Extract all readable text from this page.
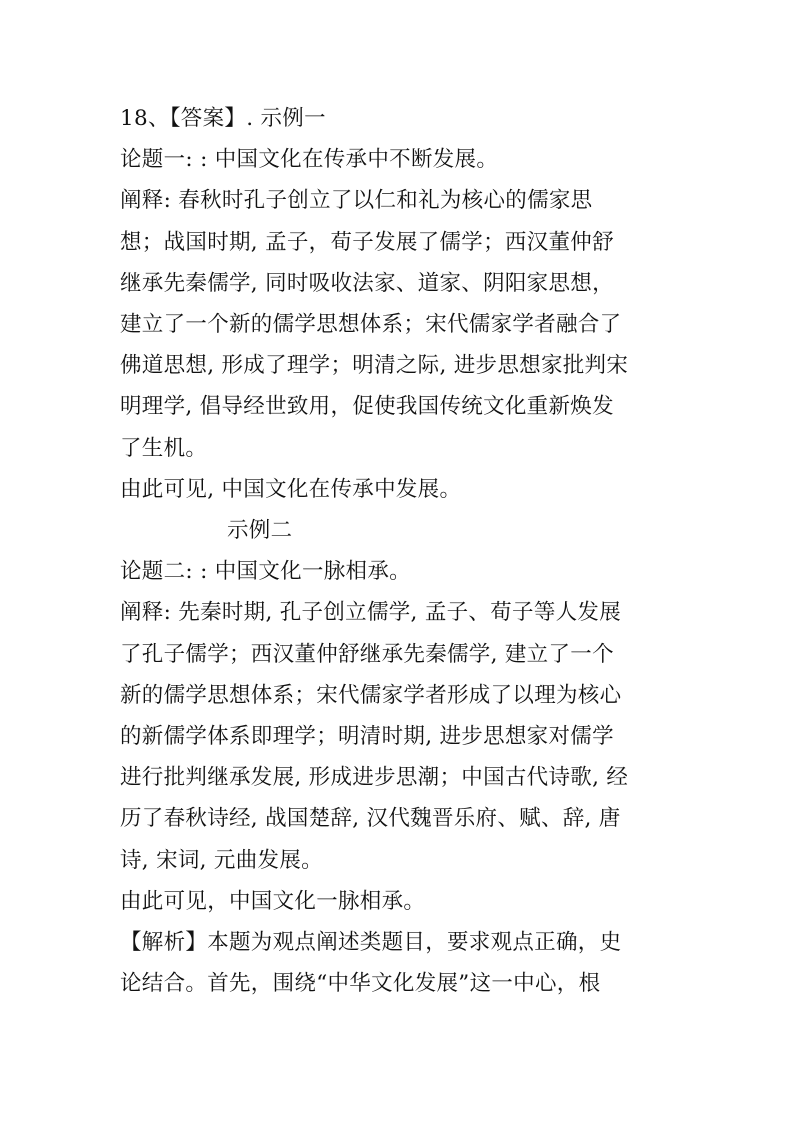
18、【答案】. 示例一
论题一: : 中国文化在传承中不断发展。
阐释: 春秋时孔子创立了以仁和礼为核心的儒家思
想；战国时期, 孟子，荀子发展了儒学；西汉董仲舒
继承先秦儒学, 同时吸收法家、道家、阴阳家思想，
建立了一个新的儒学思想体系；宋代儒家学者融合了
佛道思想, 形成了理学；明清之际, 进步思想家批判宋
明理学, 倡导经世致用，促使我国传统文化重新焕发
了生机。
由此可见, 中国文化在传承中发展。
示例二
论题二: : 中国文化一脉相承。
阐释: 先秦时期, 孔子创立儒学, 孟子、荀子等人发展
了孔子儒学；西汉董仲舒继承先秦儒学, 建立了一个
新的儒学思想体系；宋代儒家学者形成了以理为核心
的新儒学体系即理学；明清时期, 进步思想家对儒学
进行批判继承发展, 形成进步思潮；中国古代诗歌, 经
历了春秋诗经, 战国楚辞, 汉代魏晋乐府、赋、辞, 唐
诗, 宋词, 元曲发展。
由此可见，中国文化一脉相承。
【解析】本题为观点阐述类题目，要求观点正确，史
论结合。首先，围绕“中华文化发展”这一中心，根
